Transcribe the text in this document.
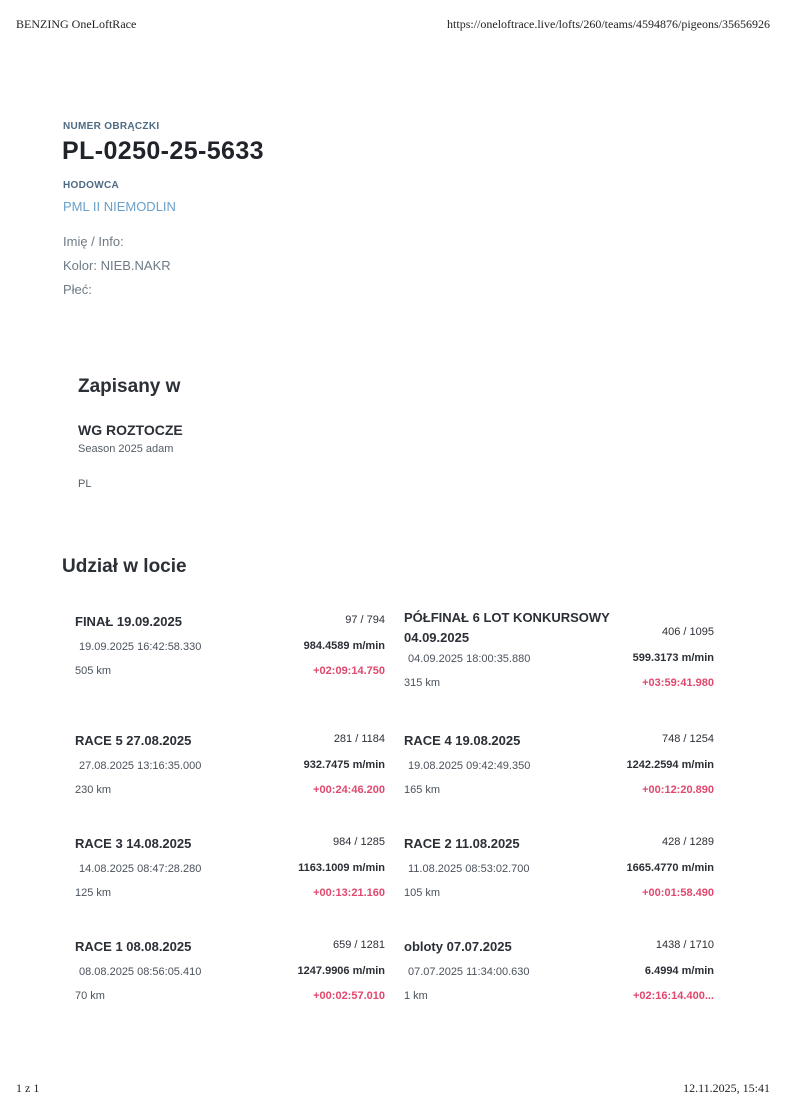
BENZING OneLoftRace	https://oneloftrace.live/lofts/260/teams/4594876/pigeons/35656926
1 z 1	12.11.2025, 15:41
NUMER OBRĄCZKI
PL-0250-25-5633
HODOWCA
PML II NIEMODLIN
Imię / Info:
Kolor: NIEB.NAKR
Płeć:
Zapisany w
WG ROZTOCZE
Season 2025 adam
PL
Udział w locie
FINAŁ 19.09.2025	97 / 794
19.09.2025 16:42:58.330	984.4589 m/min
505 km	+02:09:14.750
PÓŁFINAŁ 6 LOT KONKURSOWY 04.09.2025	406 / 1095
04.09.2025 18:00:35.880	599.3173 m/min
315 km	+03:59:41.980
RACE 5 27.08.2025	281 / 1184
27.08.2025 13:16:35.000	932.7475 m/min
230 km	+00:24:46.200
RACE 4 19.08.2025	748 / 1254
19.08.2025 09:42:49.350	1242.2594 m/min
165 km	+00:12:20.890
RACE 3 14.08.2025	984 / 1285
14.08.2025 08:47:28.280	1163.1009 m/min
125 km	+00:13:21.160
RACE 2 11.08.2025	428 / 1289
11.08.2025 08:53:02.700	1665.4770 m/min
105 km	+00:01:58.490
RACE 1 08.08.2025	659 / 1281
08.08.2025 08:56:05.410	1247.9906 m/min
70 km	+00:02:57.010
obloty 07.07.2025	1438 / 1710
07.07.2025 11:34:00.630	6.4994 m/min
1 km	+02:16:14.400...
